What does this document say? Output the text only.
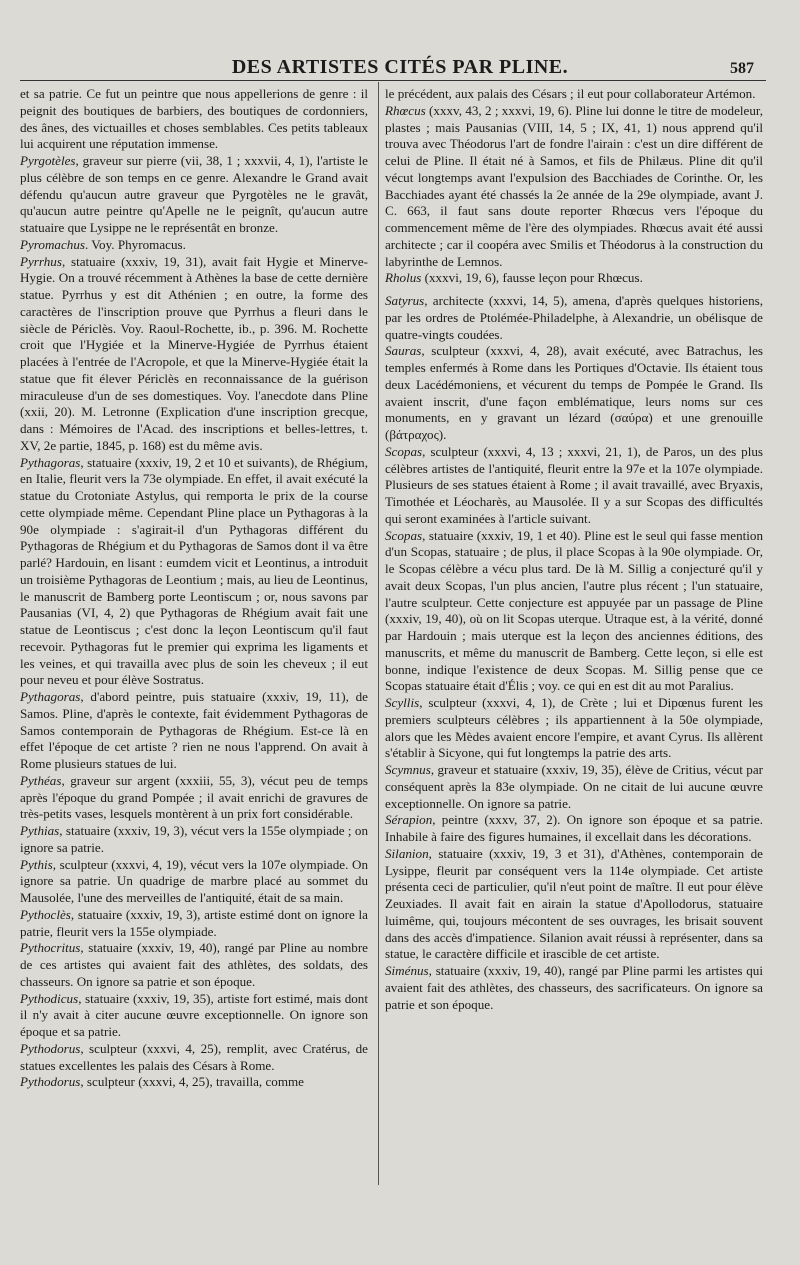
DES ARTISTES CITÉS PAR PLINE.	587

et sa patrie. Ce fut un peintre que nous appellerions de genre : il peignit des boutiques de barbiers, des boutiques de cordonniers, des ânes, des victuailles et choses semblables. Ces petits tableaux lui acquirent une réputation immense.

Pyrgotèles, graveur sur pierre (vii, 38, 1 ; xxxvii, 4, 1), l'artiste le plus célèbre de son temps en ce genre. Alexandre le Grand avait défendu qu'aucun autre graveur que Pyrgotèles ne le gravât, qu'aucun autre peintre qu'Apelle ne le peignît, qu'aucun autre statuaire que Lysippe ne le représentât en bronze.

Pyromachus. Voy. Phyromacus.

Pyrrhus, statuaire (xxxiv, 19, 31), avait fait Hygie et Minerve-Hygie. On a trouvé récemment à Athènes la base de cette dernière statue. Pyrrhus y est dit Athénien ; en outre, la forme des caractères de l'inscription prouve que Pyrrhus a fleuri dans le siècle de Périclès. Voy. Raoul-Rochette, ib., p. 396. M. Rochette croit que l'Hygiée et la Minerve-Hygiée de Pyrrhus étaient placées à l'entrée de l'Acropole, et que la Minerve-Hygiée était la statue que fit élever Périclès en reconnaissance de la guérison miraculeuse d'un de ses domestiques. Voy. l'anecdote dans Pline (xxii, 20). M. Letronne (Explication d'une inscription grecque, dans : Mémoires de l'Acad. des inscriptions et belles-lettres, t. XV, 2e partie, 1845, p. 168) est du même avis.

Pythagoras, statuaire (xxxiv, 19, 2 et 10 et suivants), de Rhégium, en Italie, fleurit vers la 73e olympiade. En effet, il avait exécuté la statue du Crotoniate Astylus, qui remporta le prix de la course cette olympiade même. Cependant Pline place un Pythagoras à la 90e olympiade : s'agirait-il d'un Pythagoras différent du Pythagoras de Rhégium et du Pythagoras de Samos dont il va être parlé? Hardouin, en lisant : eumdem vicit et Leontinus, a introduit un troisième Pythagoras de Leontium ; mais, au lieu de Leontinus, le manuscrit de Bamberg porte Leontiscum ; or, nous savons par Pausanias (VI, 4, 2) que Pythagoras de Rhégium avait fait une statue de Leontiscus ; c'est donc la leçon Leontiscum qu'il faut recevoir. Pythagoras fut le premier qui exprima les ligaments et les veines, et qui travailla avec plus de soin les cheveux ; il eut pour neveu et pour élève Sostratus.

Pythagoras, d'abord peintre, puis statuaire (xxxiv, 19, 11), de Samos. Pline, d'après le contexte, fait évidemment Pythagoras de Samos contemporain de Pythagoras de Rhégium. Est-ce là en effet l'époque de cet artiste ? rien ne nous l'apprend. On avait à Rome plusieurs statues de lui.

Pythéas, graveur sur argent (xxxiii, 55, 3), vécut peu de temps après l'époque du grand Pompée ; il avait enrichi de gravures de très-petits vases, lesquels montèrent à un prix fort considérable.

Pythias, statuaire (xxxiv, 19, 3), vécut vers la 155e olympiade ; on ignore sa patrie.

Pythis, sculpteur (xxxvi, 4, 19), vécut vers la 107e olympiade. On ignore sa patrie. Un quadrige de marbre placé au sommet du Mausolée, l'une des merveilles de l'antiquité, était de sa main.

Pythoclès, statuaire (xxxiv, 19, 3), artiste estimé dont on ignore la patrie, fleurit vers la 155e olympiade.

Pythocritus, statuaire (xxxiv, 19, 40), rangé par Pline au nombre de ces artistes qui avaient fait des athlètes, des soldats, des chasseurs. On ignore sa patrie et son époque.

Pythodicus, statuaire (xxxiv, 19, 35), artiste fort estimé, mais dont il n'y avait à citer aucune œuvre exceptionnelle. On ignore son époque et sa patrie.

Pythodorus, sculpteur (xxxvi, 4, 25), remplit, avec Cratérus, de statues excellentes les palais des Césars à Rome.

Pythodorus, sculpteur (xxxvi, 4, 25), travailla, comme

le précédent, aux palais des Césars ; il eut pour collaborateur Artémon.

Rhœcus (xxxv, 43, 2 ; xxxvi, 19, 6). Pline lui donne le titre de modeleur, plastes ; mais Pausanias (VIII, 14, 5 ; IX, 41, 1) nous apprend qu'il trouva avec Théodorus l'art de fondre l'airain : c'est un dire différent de celui de Pline. Il était né à Samos, et fils de Philæus. Pline dit qu'il vécut longtemps avant l'expulsion des Bacchiades de Corinthe. Or, les Bacchiades ayant été chassés la 2e année de la 29e olympiade, avant J. C. 663, il faut sans doute reporter Rhœcus vers l'époque du commencement même de l'ère des olympiades. Rhœcus avait été aussi architecte ; car il coopéra avec Smilis et Théodorus à la construction du labyrinthe de Lemnos.

Rholus (xxxvi, 19, 6), fausse leçon pour Rhœcus.

Satyrus, architecte (xxxvi, 14, 5), amena, d'après quelques historiens, par les ordres de Ptolémée-Philadelphe, à Alexandrie, un obélisque de quatre-vingts coudées.

Sauras, sculpteur (xxxvi, 4, 28), avait exécuté, avec Batrachus, les temples enfermés à Rome dans les Portiques d'Octavie. Ils étaient tous deux Lacédémoniens, et vécurent du temps de Pompée le Grand. Ils avaient inscrit, d'une façon emblématique, leurs noms sur ces monuments, en y gravant un lézard (σαύρα) et une grenouille (βάτραχος).

Scopas, sculpteur (xxxvi, 4, 13 ; xxxvi, 21, 1), de Paros, un des plus célèbres artistes de l'antiquité, fleurit entre la 97e et la 107e olympiade. Plusieurs de ses statues étaient à Rome ; il avait travaillé, avec Bryaxis, Timothée et Léocharès, au Mausolée. Il y a sur Scopas des difficultés qui seront examinées à l'article suivant.

Scopas, statuaire (xxxiv, 19, 1 et 40). Pline est le seul qui fasse mention d'un Scopas, statuaire ; de plus, il place Scopas à la 90e olympiade. Or, le Scopas célèbre a vécu plus tard. De là M. Sillig a conjecturé qu'il y avait deux Scopas, l'un plus ancien, l'autre plus récent ; l'un statuaire, l'autre sculpteur. Cette conjecture est appuyée par un passage de Pline (xxxiv, 19, 40), où on lit Scopas uterque. Utraque est, à la vérité, donné par Hardouin ; mais uterque est la leçon des anciennes éditions, des manuscrits, et même du manuscrit de Bamberg. Cette leçon, si elle est bonne, indique l'existence de deux Scopas. M. Sillig pense que ce Scopas statuaire était d'Élis ; voy. ce qui en est dit au mot Paralius.

Scyllis, sculpteur (xxxvi, 4, 1), de Crète ; lui et Dipœnus furent les premiers sculpteurs célèbres ; ils appartiennent à la 50e olympiade, alors que les Mèdes avaient encore l'empire, et avant Cyrus. Ils allèrent s'établir à Sicyone, qui fut longtemps la patrie des arts.

Scymnus, graveur et statuaire (xxxiv, 19, 35), élève de Critius, vécut par conséquent après la 83e olympiade. On ne citait de lui aucune œuvre exceptionnelle. On ignore sa patrie.

Sérapion, peintre (xxxv, 37, 2). On ignore son époque et sa patrie. Inhabile à faire des figures humaines, il excellait dans les décorations.

Silanion, statuaire (xxxiv, 19, 3 et 31), d'Athènes, contemporain de Lysippe, fleurit par conséquent vers la 114e olympiade. Cet artiste présenta ceci de particulier, qu'il n'eut point de maître. Il eut pour élève Zeuxiades. Il avait fait en airain la statue d'Apollodorus, statuaire luimême, qui, toujours mécontent de ses ouvrages, les brisait souvent dans des accès d'impatience. Silanion avait réussi à représenter, dans sa statue, le caractère difficile et irascible de cet artiste.

Siménus, statuaire (xxxiv, 19, 40), rangé par Pline parmi les artistes qui avaient fait des athlètes, des chasseurs, des sacrificateurs. On ignore sa patrie et son époque.
